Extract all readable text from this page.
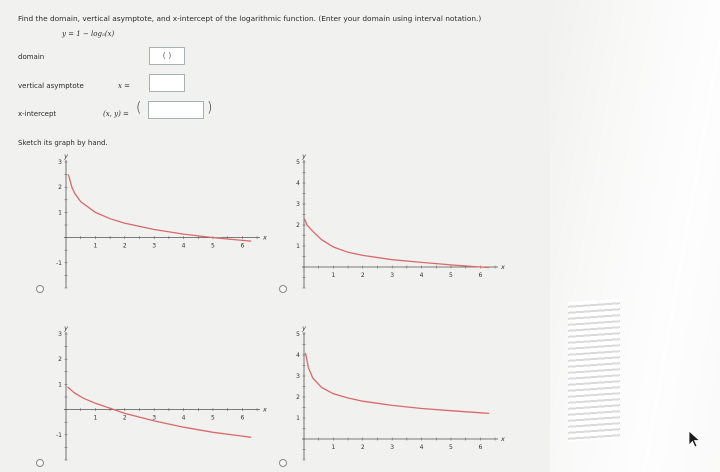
Find the domain, vertical asymptote, and x-intercept of the logarithmic function. (Enter your domain using interval notation.)
y = 1 − log₅(x)
domain	( )
vertical asymptote	x =
x-intercept	(x, y) = (	)
Sketch its graph by hand.
1	2	3	4	5	6
-1
1
2
3
x
y
1	2	3	4	5	6
1
2
3
4
5
x
y
1	2	3	4	5	6
-1
1
2
3
x
y
1	2	3	4	5	6
1
2
3
4
5
x
y
